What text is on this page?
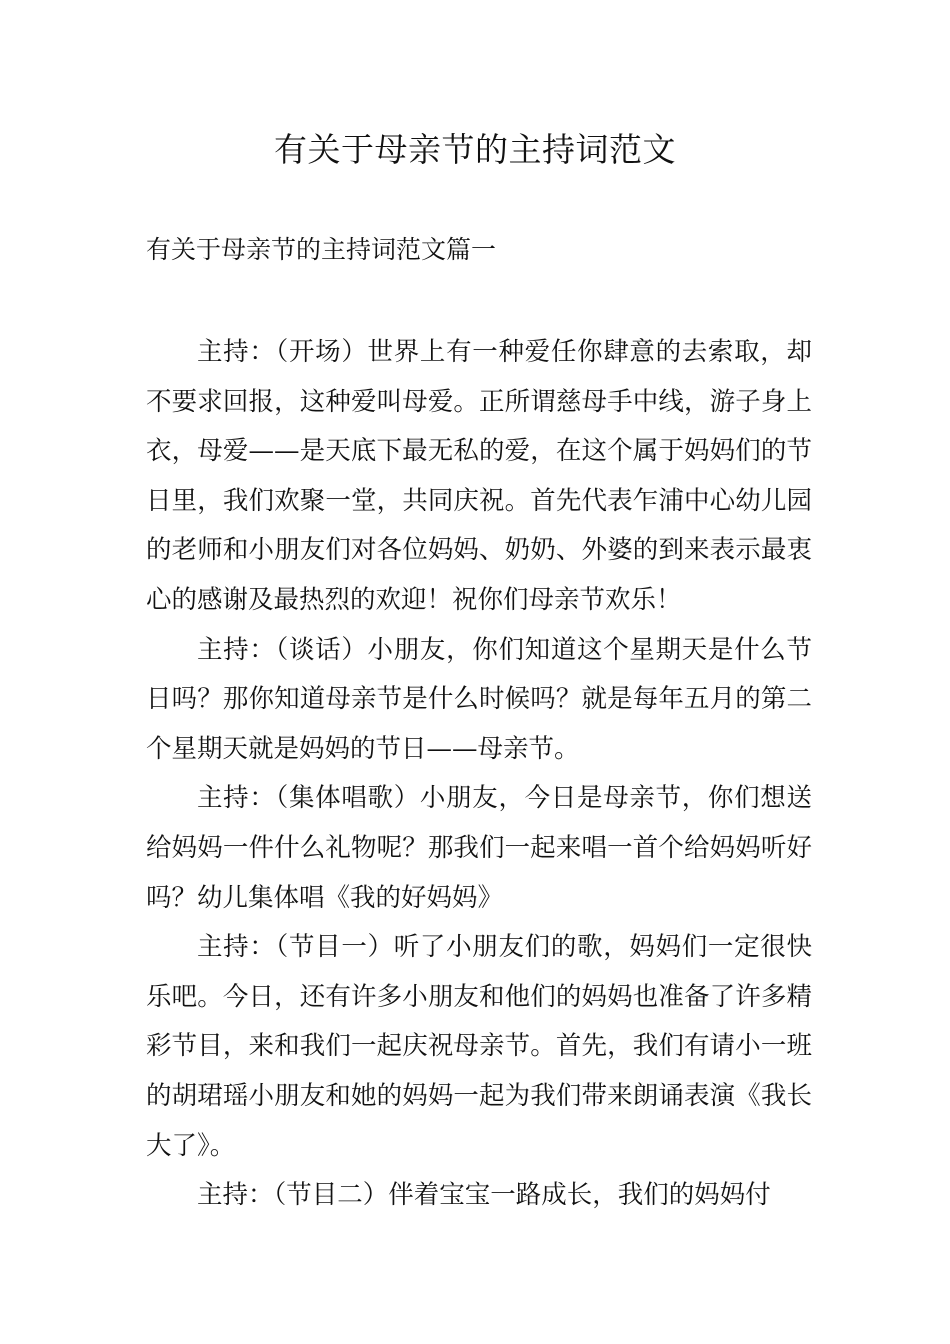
有关于母亲节的主持词范文

有关于母亲节的主持词范文篇一

主持：（开场）世界上有一种爱任你肆意的去索取，却不要求回报，这种爱叫母爱。正所谓慈母手中线，游子身上衣，母爱——是天底下最无私的爱，在这个属于妈妈们的节日里，我们欢聚一堂，共同庆祝。首先代表乍浦中心幼儿园的老师和小朋友们对各位妈妈、奶奶、外婆的到来表示最衷心的感谢及最热烈的欢迎！祝你们母亲节欢乐！

主持：（谈话）小朋友，你们知道这个星期天是什么节日吗？那你知道母亲节是什么时候吗？就是每年五月的第二个星期天就是妈妈的节日——母亲节。

主持：（集体唱歌）小朋友，今日是母亲节，你们想送给妈妈一件什么礼物呢？那我们一起来唱一首个给妈妈听好吗？幼儿集体唱《我的好妈妈》

主持：（节目一）听了小朋友们的歌，妈妈们一定很快乐吧。今日，还有许多小朋友和他们的妈妈也准备了许多精彩节目，来和我们一起庆祝母亲节。首先，我们有请小一班的胡珺瑶小朋友和她的妈妈一起为我们带来朗诵表演《我长大了》。

主持：（节目二）伴着宝宝一路成长，我们的妈妈付
